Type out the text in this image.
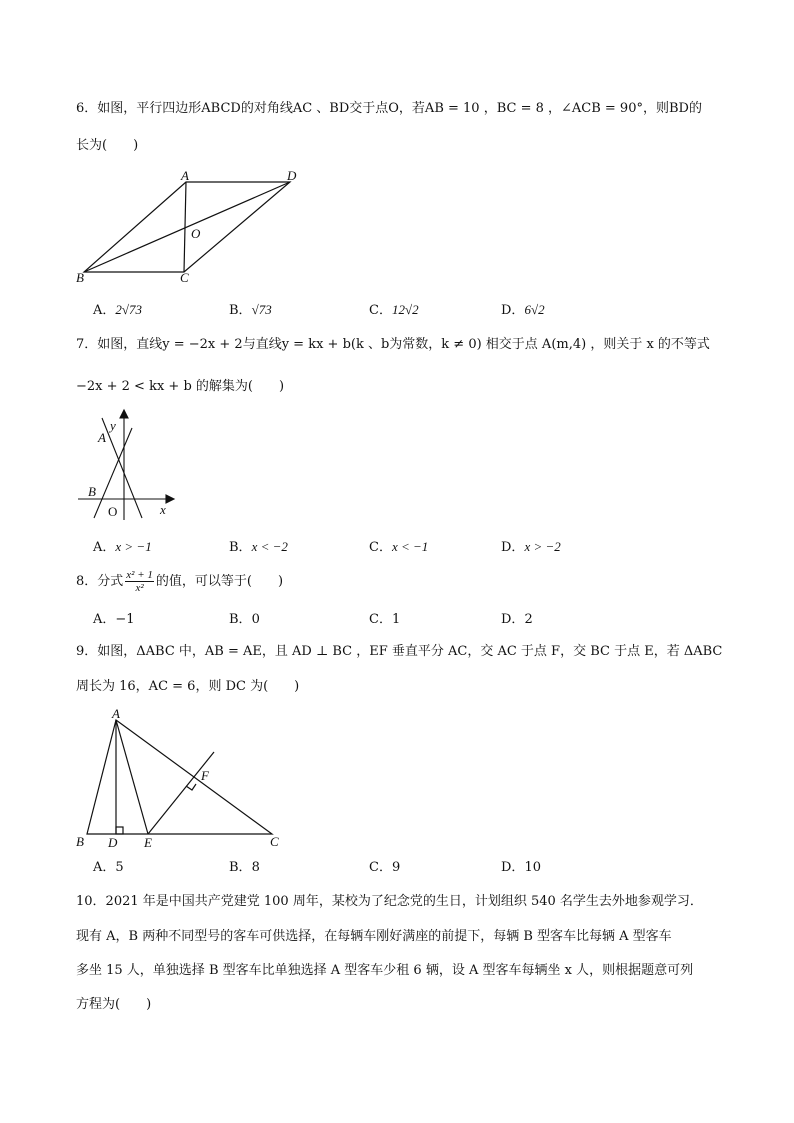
6．如图，平行四边形ABCD的对角线AC 、BD交于点O，若AB = 10 ，BC = 8 ，∠ACB = 90°，则BD的
长为(　　)
A	D
O
B	C
A．2√73	B．√73	C．12√2	D．6√2
7．如图，直线y = −2x + 2与直线y = kx + b(k 、b为常数，k ≠ 0) 相交于点 A(m,4) ，则关于 x 的不等式
−2x + 2 < kx + b 的解集为(　　)
y
A
B
O	x
A．x > −1	B．x < −2	C．x < −1	D．x > −2
8．分式 $\frac{\text{x² + 1}}{\text{x²}}$ 的值，可以等于(　　)
A．−1	B．0	C．1	D．2
9．如图，ΔABC 中，AB = AE，且 AD ⊥ BC ，EF 垂直平分 AC，交 AC 于点 F，交 BC 于点 E，若 ΔABC
周长为 16，AC = 6，则 DC 为(　　)
A
F
B D E	C
A．5	B．8	C．9	D．10
10．2021 年是中国共产党建党 100 周年，某校为了纪念党的生日，计划组织 540 名学生去外地参观学习．
现有 A，B 两种不同型号的客车可供选择，在每辆车刚好满座的前提下，每辆 B 型客车比每辆 A 型客车
多坐 15 人，单独选择 B 型客车比单独选择 A 型客车少租 6 辆，设 A 型客车每辆坐 x 人，则根据题意可列
方程为(　　)
